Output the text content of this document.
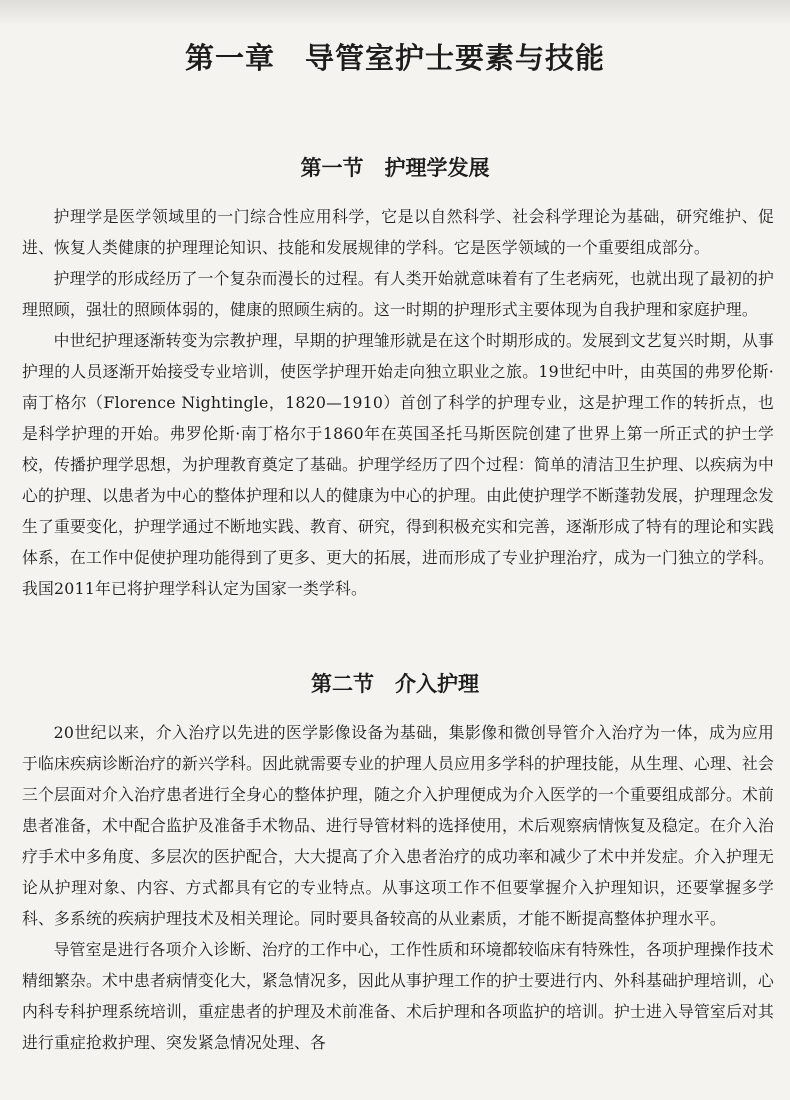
第一章　导管室护士要素与技能
第一节　护理学发展

护理学是医学领域里的一门综合性应用科学，它是以自然科学、社会科学理论为基础，研究维护、促进、恢复人类健康的护理理论知识、技能和发展规律的学科。它是医学领域的一个重要组成部分。

护理学的形成经历了一个复杂而漫长的过程。有人类开始就意味着有了生老病死，也就出现了最初的护理照顾，强壮的照顾体弱的，健康的照顾生病的。这一时期的护理形式主要体现为自我护理和家庭护理。

中世纪护理逐渐转变为宗教护理，早期的护理雏形就是在这个时期形成的。发展到文艺复兴时期，从事护理的人员逐渐开始接受专业培训，使医学护理开始走向独立职业之旅。19世纪中叶，由英国的弗罗伦斯·南丁格尔（Florence Nightingle，1820—1910）首创了科学的护理专业，这是护理工作的转折点，也是科学护理的开始。弗罗伦斯·南丁格尔于1860年在英国圣托马斯医院创建了世界上第一所正式的护士学校，传播护理学思想，为护理教育奠定了基础。护理学经历了四个过程：简单的清洁卫生护理、以疾病为中心的护理、以患者为中心的整体护理和以人的健康为中心的护理。由此使护理学不断蓬勃发展，护理理念发生了重要变化，护理学通过不断地实践、教育、研究，得到积极充实和完善，逐渐形成了特有的理论和实践体系，在工作中促使护理功能得到了更多、更大的拓展，进而形成了专业护理治疗，成为一门独立的学科。我国2011年已将护理学科认定为国家一类学科。

第二节　介入护理

20世纪以来，介入治疗以先进的医学影像设备为基础，集影像和微创导管介入治疗为一体，成为应用于临床疾病诊断治疗的新兴学科。因此就需要专业的护理人员应用多学科的护理技能，从生理、心理、社会三个层面对介入治疗患者进行全身心的整体护理，随之介入护理便成为介入医学的一个重要组成部分。术前患者准备，术中配合监护及准备手术物品、进行导管材料的选择使用，术后观察病情恢复及稳定。在介入治疗手术中多角度、多层次的医护配合，大大提高了介入患者治疗的成功率和减少了术中并发症。介入护理无论从护理对象、内容、方式都具有它的专业特点。从事这项工作不但要掌握介入护理知识，还要掌握多学科、多系统的疾病护理技术及相关理论。同时要具备较高的从业素质，才能不断提高整体护理水平。

导管室是进行各项介入诊断、治疗的工作中心，工作性质和环境都较临床有特殊性，各项护理操作技术精细繁杂。术中患者病情变化大，紧急情况多，因此从事护理工作的护士要进行内、外科基础护理培训，心内科专科护理系统培训，重症患者的护理及术前准备、术后护理和各项监护的培训。护士进入导管室后对其进行重症抢救护理、突发紧急情况处理、各
